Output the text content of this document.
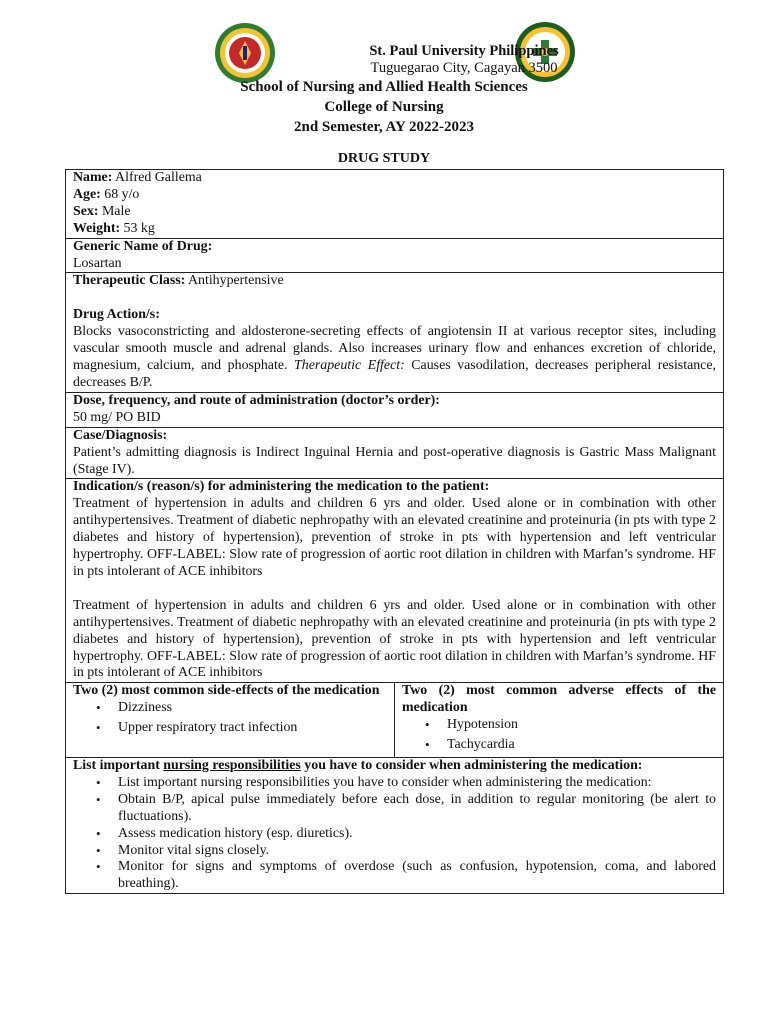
St. Paul University Philippines
Tuguegarao City, Cagayan 3500
School of Nursing and Allied Health Sciences
College of Nursing
2nd Semester, AY 2022-2023
DRUG STUDY

Name: Alfred Gallema

Age: 68 y/o

Sex: Male

Weight: 53 kg

Generic Name of Drug:

Losartan

Therapeutic Class: Antihypertensive

Drug Action/s:

Blocks vasoconstricting and aldosterone-secreting effects of angiotensin II at various receptor sites, including vascular smooth muscle and adrenal glands. Also increases urinary flow and enhances excretion of chloride, magnesium, calcium, and phosphate. Therapeutic Effect: Causes vasodilation, decreases peripheral resistance, decreases B/P.

Dose, frequency, and route of administration (doctor’s order):

50 mg/ PO BID

Case/Diagnosis:

Patient’s admitting diagnosis is Indirect Inguinal Hernia and post-operative diagnosis is Gastric Mass Malignant (Stage IV).

Indication/s (reason/s) for administering the medication to the patient:

Treatment of hypertension in adults and children 6 yrs and older. Used alone or in combination with other antihypertensives. Treatment of diabetic nephropathy with an elevated creatinine and proteinuria (in pts with type 2 diabetes and history of hypertension), prevention of stroke in pts with hypertension and left ventricular hypertrophy. OFF-LABEL: Slow rate of progression of aortic root dilation in children with Marfan’s syndrome. HF in pts intolerant of ACE inhibitors

Treatment of hypertension in adults and children 6 yrs and older. Used alone or in combination with other antihypertensives. Treatment of diabetic nephropathy with an elevated creatinine and proteinuria (in pts with type 2 diabetes and history of hypertension), prevention of stroke in pts with hypertension and left ventricular hypertrophy. OFF-LABEL: Slow rate of progression of aortic root dilation in children with Marfan’s syndrome. HF in pts intolerant of ACE inhibitors

Two (2) most common side-effects of the medication

• Dizziness
• Upper respiratory tract infection

Two (2) most common adverse effects of the medication

• Hypotension
• Tachycardia

List important nursing responsibilities you have to consider when administering the medication:

• List important nursing responsibilities you have to consider when administering the medication:
• Obtain B/P, apical pulse immediately before each dose, in addition to regular monitoring (be alert to fluctuations).
• Assess medication history (esp. diuretics).
• Monitor vital signs closely.
• Monitor for signs and symptoms of overdose (such as confusion, hypotension, coma, and labored breathing).
